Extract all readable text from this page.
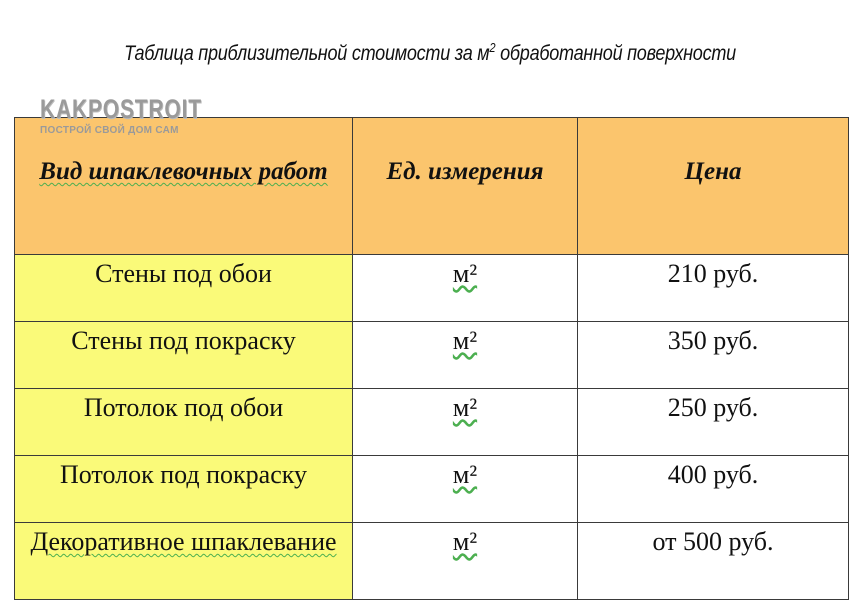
Таблица приблизительной стоимости за $м^2$ обработанной поверхности
KAKPOSTROIT
ПОСТРОЙ СВОЙ ДОМ САМ
Вид шпаклевочных работ	Ед. измерения	Цена
Стены под обои	м²	210 руб.
Стены под покраску	м²	350 руб.
Потолок под обои	м²	250 руб.
Потолок под покраску	м²	400 руб.
Декоративное шпаклевание	м²	от 500 руб.
